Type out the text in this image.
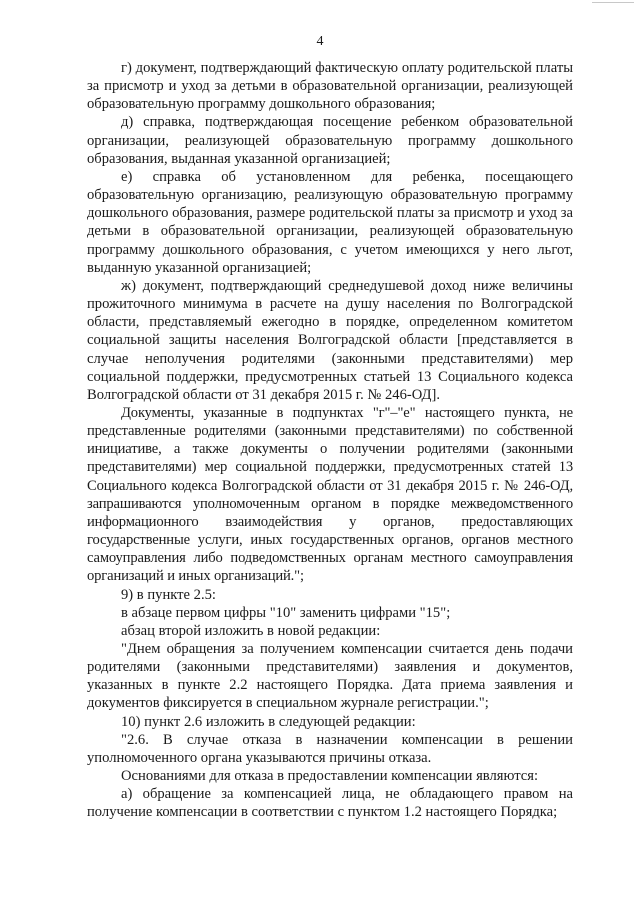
4

г) документ, подтверждающий фактическую оплату родительской платы за присмотр и уход за детьми в образовательной организации, реализующей образовательную программу дошкольного образования;

д) справка, подтверждающая посещение ребенком образовательной организации, реализующей образовательную программу дошкольного образования, выданная указанной организацией;

е) справка об установленном для ребенка, посещающего образовательную организацию, реализующую образовательную программу дошкольного образования, размере родительской платы за присмотр и уход за детьми в образовательной организации, реализующей образовательную программу дошкольного образования, с учетом имеющихся у него льгот, выданную указанной организацией;

ж) документ, подтверждающий среднедушевой доход ниже величины прожиточного минимума в расчете на душу населения по Волгоградской области, представляемый ежегодно в порядке, определенном комитетом социальной защиты населения Волгоградской области [представляется в случае неполучения родителями (законными представителями) мер социальной поддержки, предусмотренных статьей 13 Социального кодекса Волгоградской области от 31 декабря 2015 г. № 246-ОД].

Документы, указанные в подпунктах "г"–"е" настоящего пункта, не представленные родителями (законными представителями) по собственной инициативе, а также документы о получении родителями (законными представителями) мер социальной поддержки, предусмотренных статей 13 Социального кодекса Волгоградской области от 31 декабря 2015 г. № 246-ОД, запрашиваются уполномоченным органом в порядке межведомственного информационного взаимодействия у органов, предоставляющих государственные услуги, иных государственных органов, органов местного самоуправления либо подведомственных органам местного самоуправления организаций и иных организаций.";

9) в пункте 2.5:

в абзаце первом цифры "10" заменить цифрами "15";

абзац второй изложить в новой редакции:

"Днем обращения за получением компенсации считается день подачи родителями (законными представителями) заявления и документов, указанных в пункте 2.2 настоящего Порядка. Дата приема заявления и документов фиксируется в специальном журнале регистрации.";

10) пункт 2.6 изложить в следующей редакции:

"2.6. В случае отказа в назначении компенсации в решении уполномоченного органа указываются причины отказа.

Основаниями для отказа в предоставлении компенсации являются:

а) обращение за компенсацией лица, не обладающего правом на получение компенсации в соответствии с пунктом 1.2 настоящего Порядка;
